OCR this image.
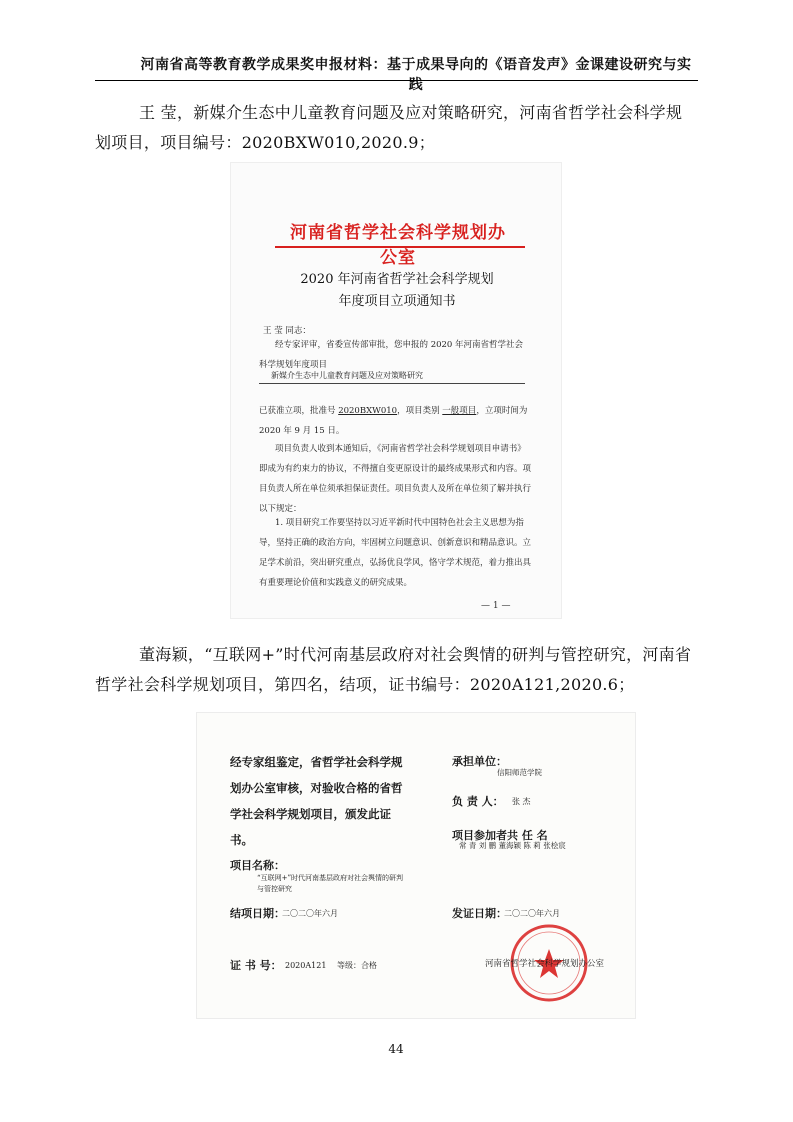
河南省高等教育教学成果奖申报材料：基于成果导向的《语音发声》金课建设研究与实践
王 莹，新媒介生态中儿童教育问题及应对策略研究，河南省哲学社会科学规划项目，项目编号：2020BXW010,2020.9；
河南省哲学社会科学规划办公室
2020 年河南省哲学社会科学规划
年度项目立项通知书
王 莹 同志：
经专家评审，省委宣传部审批，您申报的 2020 年河南省哲学社会科学规划年度项目
新媒介生态中儿童教育问题及应对策略研究
已获准立项，批准号 2020BXW010，项目类别 一般项目，立项时间为 2020 年 9 月 15 日。
项目负责人收到本通知后，《河南省哲学社会科学规划项目申请书》即成为有约束力的协议，不得擅自变更原设计的最终成果形式和内容。项目负责人所在单位须承担保证责任。项目负责人及所在单位须了解并执行以下规定：
1. 项目研究工作要坚持以习近平新时代中国特色社会主义思想为指导，坚持正确的政治方向，牢固树立问题意识、创新意识和精品意识。立足学术前沿，突出研究重点，弘扬优良学风，恪守学术规范，着力推出具有重要理论价值和实践意义的研究成果。
— 1 —
董海颖，“互联网+”时代河南基层政府对社会舆情的研判与管控研究，河南省哲学社会科学规划项目，第四名，结项，证书编号：2020A121,2020.6；
经专家组鉴定，省哲学社会科学规划办公室审核，对验收合格的省哲学社会科学规划项目，颁发此证书。
项目名称：
“互联网+”时代河南基层政府对社会舆情的研判与管控研究
结项日期：
二〇二〇年六月
证 书 号： 2020A121 等级：合格
承担单位：
信阳师范学院
负 责 人： 张 杰
项目参加者共 任 名
常 青 刘 鹏 董海颖 陈 莉 张桧宸
发证日期：
二〇二〇年六月
河南省哲学社会科学规划办公室
44
